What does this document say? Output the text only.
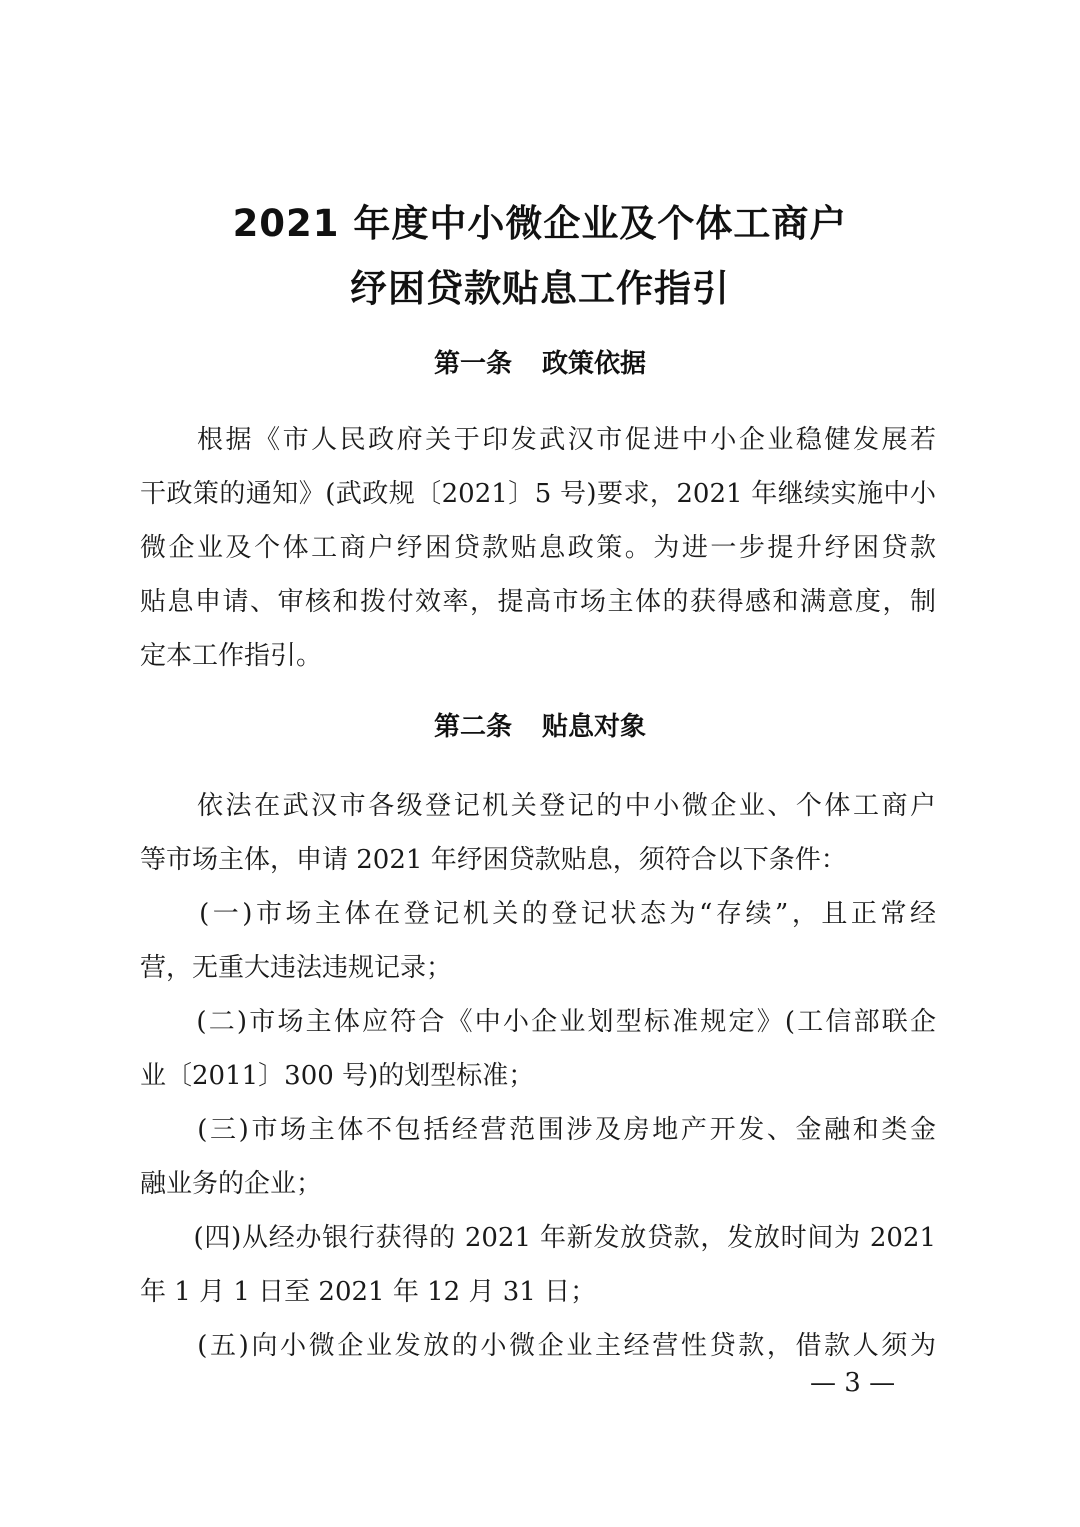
2021 年度中小微企业及个体工商户
纾困贷款贴息工作指引
第一条 政策依据
　　根据《市人民政府关于印发武汉市促进中小企业稳健发展若
干政策的通知》(武政规〔2021〕5 号)要求，2021 年继续实施中小
微企业及个体工商户纾困贷款贴息政策。为进一步提升纾困贷款
贴息申请、审核和拨付效率，提高市场主体的获得感和满意度，制
定本工作指引。
第二条 贴息对象
　　依法在武汉市各级登记机关登记的中小微企业、个体工商户
等市场主体，申请 2021 年纾困贷款贴息，须符合以下条件：
　　(一)市场主体在登记机关的登记状态为“存续”，且正常经
营，无重大违法违规记录；
　　(二)市场主体应符合《中小企业划型标准规定》(工信部联企
业〔2011〕300 号)的划型标准；
　　(三)市场主体不包括经营范围涉及房地产开发、金融和类金
融业务的企业；
　　(四)从经办银行获得的 2021 年新发放贷款，发放时间为 2021
年 1 月 1 日至 2021 年 12 月 31 日；
　　(五)向小微企业发放的小微企业主经营性贷款，借款人须为
— 3 —
